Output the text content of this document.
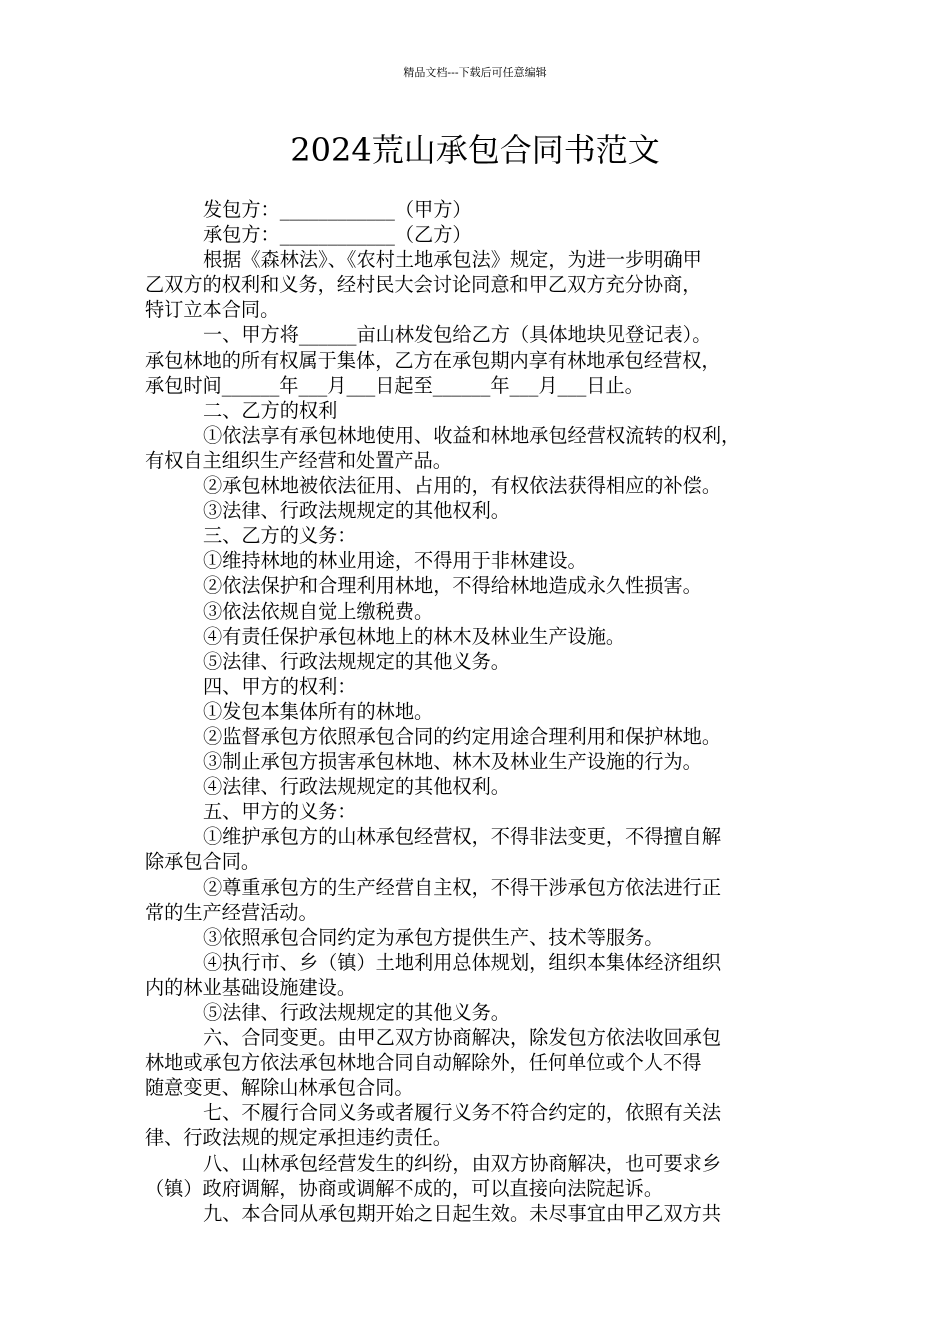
精品文档---下载后可任意编辑
2024荒山承包合同书范文

发包方：____________（甲方）

承包方：____________（乙方）

根据《森林法》、《农村土地承包法》规定，为进一步明确甲

乙双方的权利和义务，经村民大会讨论同意和甲乙双方充分协商，

特订立本合同。

一、甲方将______亩山林发包给乙方（具体地块见登记表）。

承包林地的所有权属于集体，乙方在承包期内享有林地承包经营权，

承包时间______年___月___日起至______年___月___日止。

二、乙方的权利

①依法享有承包林地使用、收益和林地承包经营权流转的权利，

有权自主组织生产经营和处置产品。

②承包林地被依法征用、占用的，有权依法获得相应的补偿。

③法律、行政法规规定的其他权利。

三、乙方的义务：

①维持林地的林业用途，不得用于非林建设。

②依法保护和合理利用林地，不得给林地造成永久性损害。

③依法依规自觉上缴税费。

④有责任保护承包林地上的林木及林业生产设施。

⑤法律、行政法规规定的其他义务。

四、甲方的权利：

①发包本集体所有的林地。

②监督承包方依照承包合同的约定用途合理利用和保护林地。

③制止承包方损害承包林地、林木及林业生产设施的行为。

④法律、行政法规规定的其他权利。

五、甲方的义务：

①维护承包方的山林承包经营权，不得非法变更，不得擅自解

除承包合同。

②尊重承包方的生产经营自主权，不得干涉承包方依法进行正

常的生产经营活动。

③依照承包合同约定为承包方提供生产、技术等服务。

④执行市、乡（镇）土地利用总体规划，组织本集体经济组织

内的林业基础设施建设。

⑤法律、行政法规规定的其他义务。

六、合同变更。由甲乙双方协商解决，除发包方依法收回承包

林地或承包方依法承包林地合同自动解除外，任何单位或个人不得

随意变更、解除山林承包合同。

七、不履行合同义务或者履行义务不符合约定的，依照有关法

律、行政法规的规定承担违约责任。

八、山林承包经营发生的纠纷，由双方协商解决，也可要求乡

（镇）政府调解，协商或调解不成的，可以直接向法院起诉。

九、本合同从承包期开始之日起生效。未尽事宜由甲乙双方共
